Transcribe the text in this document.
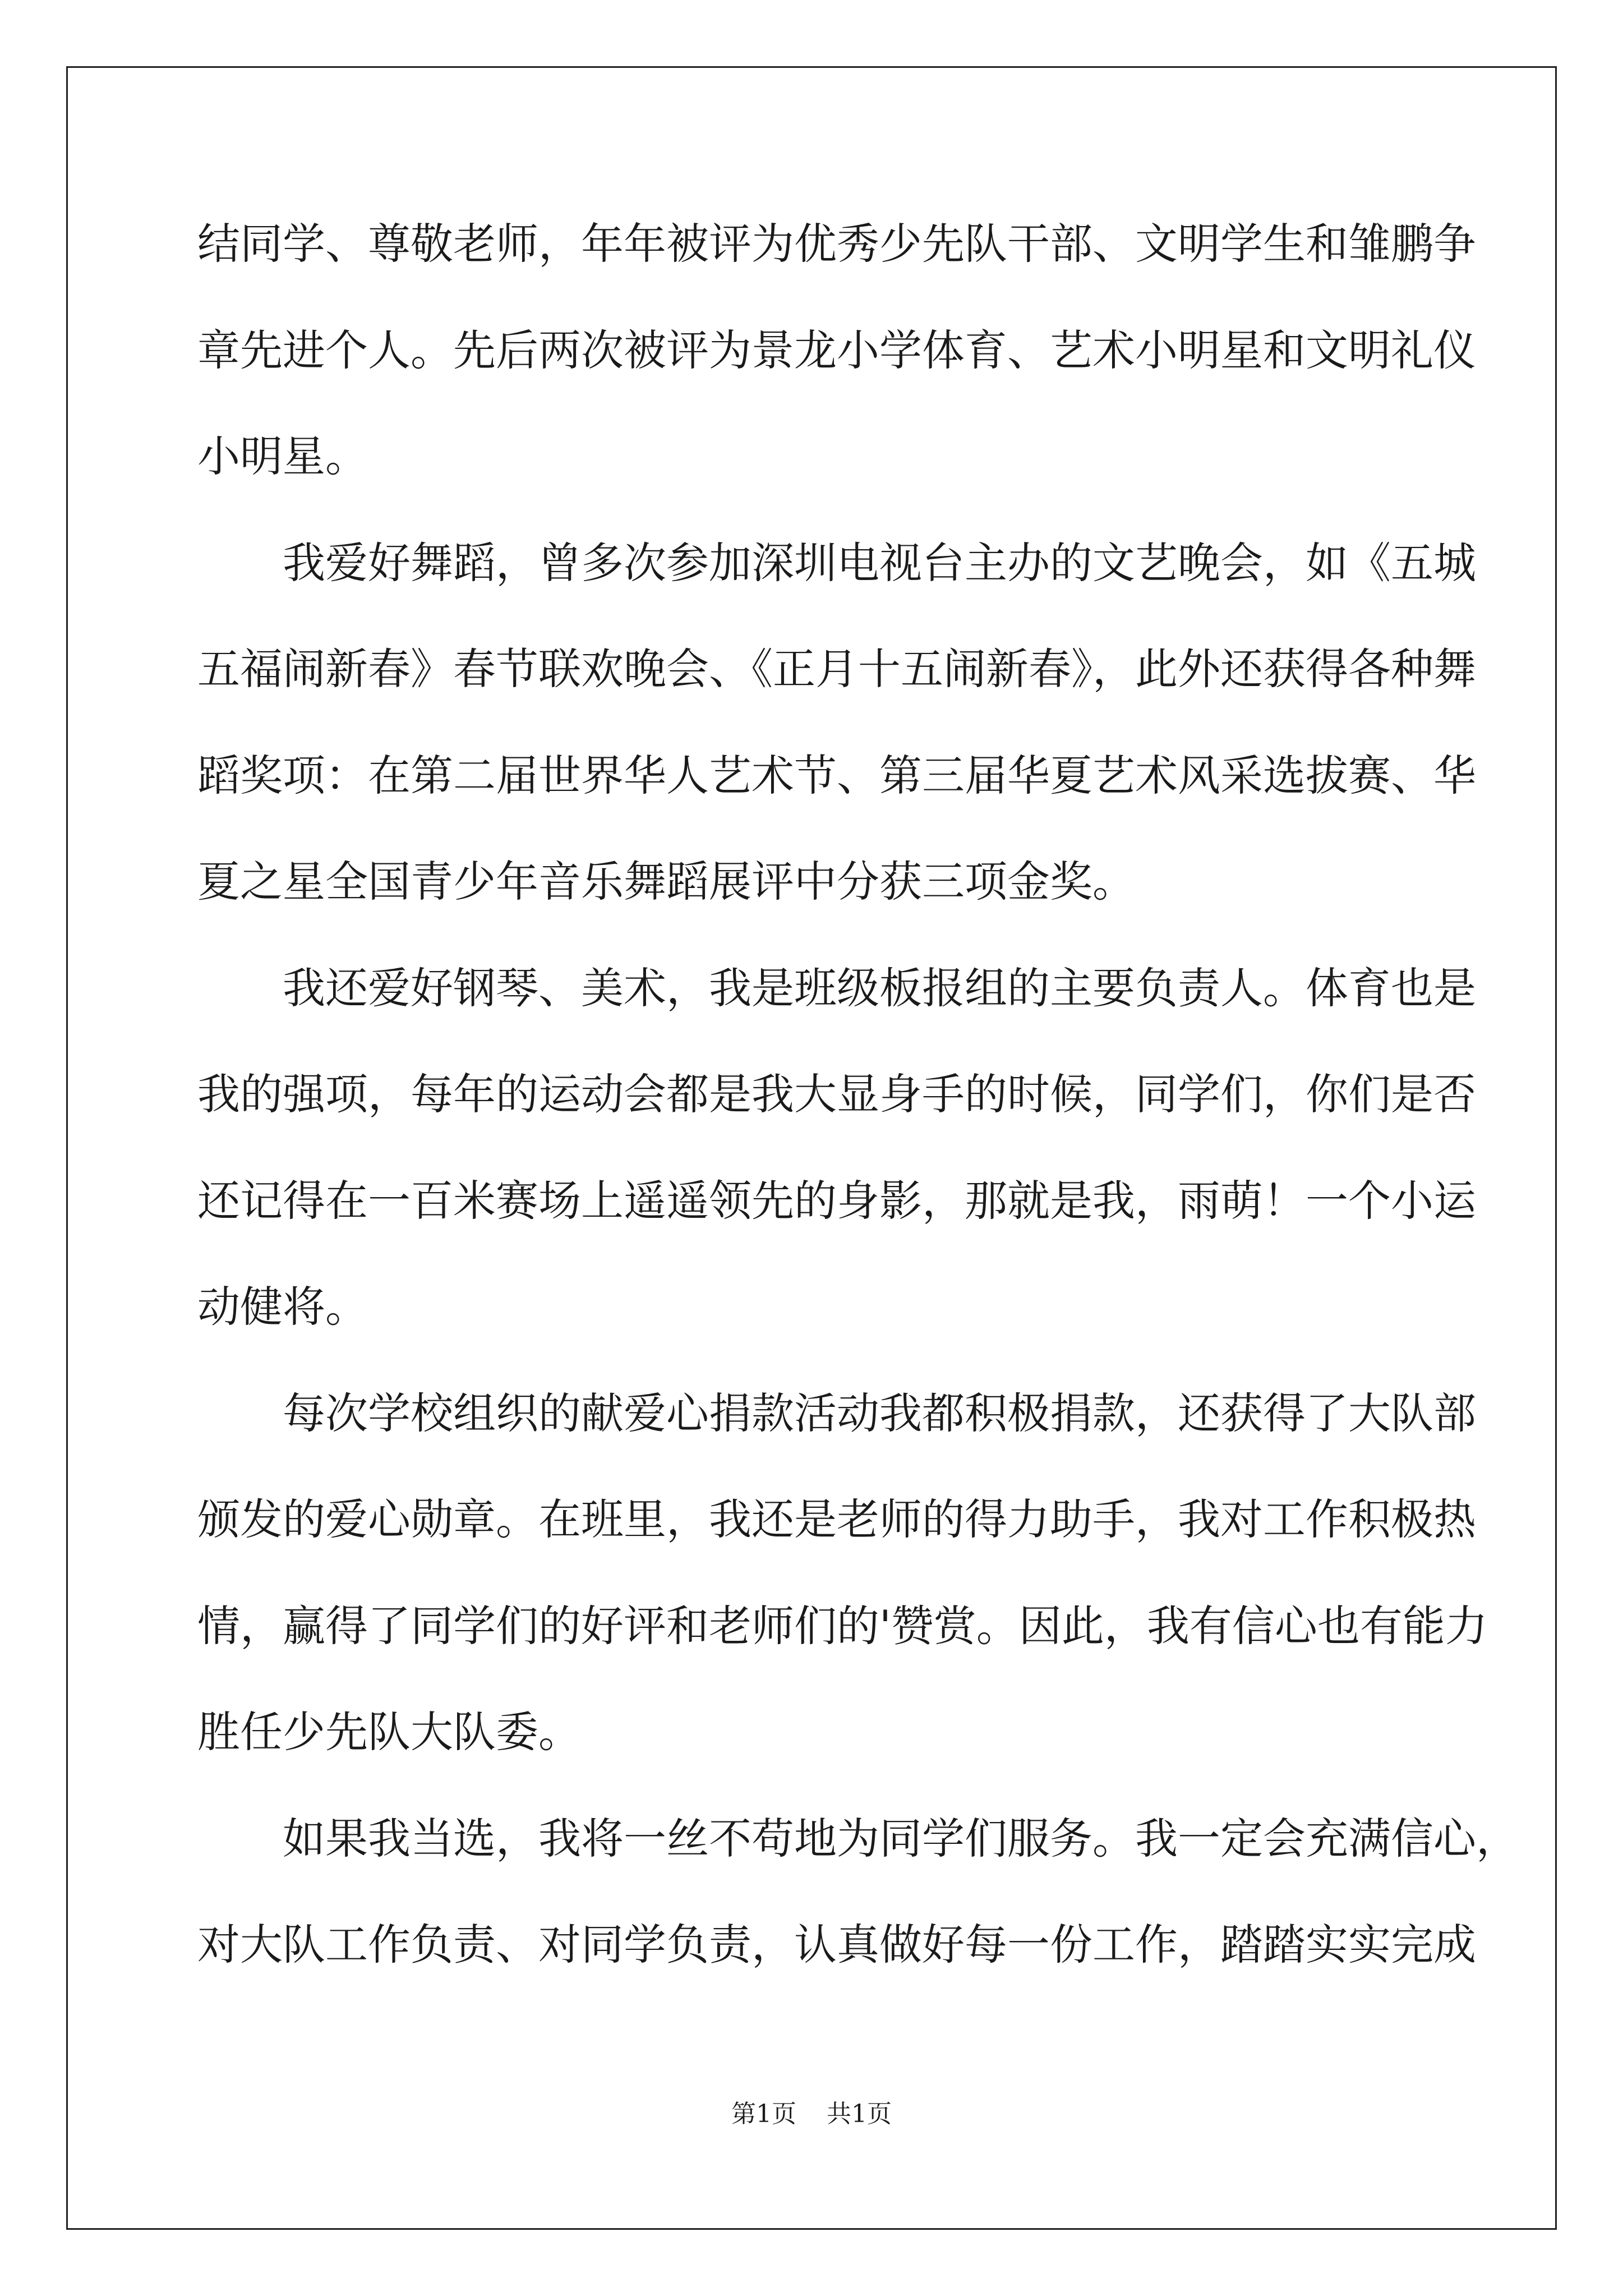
结同学、尊敬老师，年年被评为优秀少先队干部、文明学生和雏鹏争
章先进个人。先后两次被评为景龙小学体育、艺术小明星和文明礼仪
小明星。
我爱好舞蹈，曾多次参加深圳电视台主办的文艺晚会，如《五城
五福闹新春》春节联欢晚会、《正月十五闹新春》，此外还获得各种舞
蹈奖项：在第二届世界华人艺术节、第三届华夏艺术风采选拔赛、华
夏之星全国青少年音乐舞蹈展评中分获三项金奖。
我还爱好钢琴、美术，我是班级板报组的主要负责人。体育也是
我的强项，每年的运动会都是我大显身手的时候，同学们，你们是否
还记得在一百米赛场上遥遥领先的身影，那就是我，雨萌！一个小运
动健将。
每次学校组织的献爱心捐款活动我都积极捐款，还获得了大队部
颁发的爱心勋章。在班里，我还是老师的得力助手，我对工作积极热
情，赢得了同学们的好评和老师们的'赞赏。因此，我有信心也有能力
胜任少先队大队委。
如果我当选，我将一丝不苟地为同学们服务。我一定会充满信心，
对大队工作负责、对同学负责，认真做好每一份工作，踏踏实实完成
第1页 共1页
